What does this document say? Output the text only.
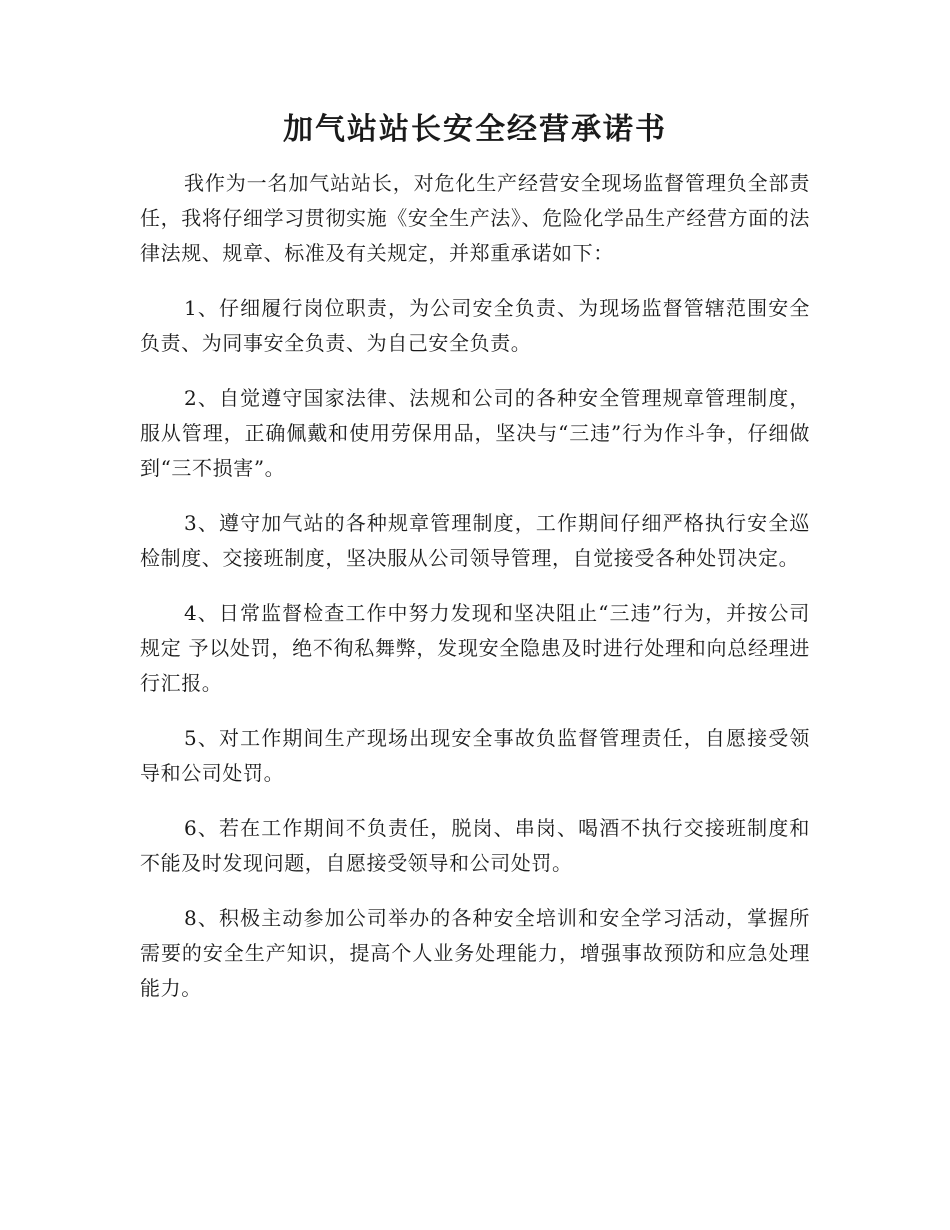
加气站站长安全经营承诺书

我作为一名加气站站长，对危化生产经营安全现场监督管理负全部责任，我将仔细学习贯彻实施《安全生产法》、危险化学品生产经营方面的法律法规、规章、标准及有关规定，并郑重承诺如下：

1、仔细履行岗位职责，为公司安全负责、为现场监督管辖范围安全负责、为同事安全负责、为自己安全负责。

2、自觉遵守国家法律、法规和公司的各种安全管理规章管理制度，服从管理，正确佩戴和使用劳保用品，坚决与“三违”行为作斗争，仔细做到“三不损害”。

3、遵守加气站的各种规章管理制度，工作期间仔细严格执行安全巡检制度、交接班制度，坚决服从公司领导管理，自觉接受各种处罚决定。

4、日常监督检查工作中努力发现和坚决阻止“三违”行为，并按公司规定 予以处罚，绝不徇私舞弊，发现安全隐患及时进行处理和向总经理进行汇报。

5、对工作期间生产现场出现安全事故负监督管理责任，自愿接受领导和公司处罚。

6、若在工作期间不负责任，脱岗、串岗、喝酒不执行交接班制度和不能及时发现问题，自愿接受领导和公司处罚。

8、积极主动参加公司举办的各种安全培训和安全学习活动，掌握所需要的安全生产知识，提高个人业务处理能力，增强事故预防和应急处理能力。
